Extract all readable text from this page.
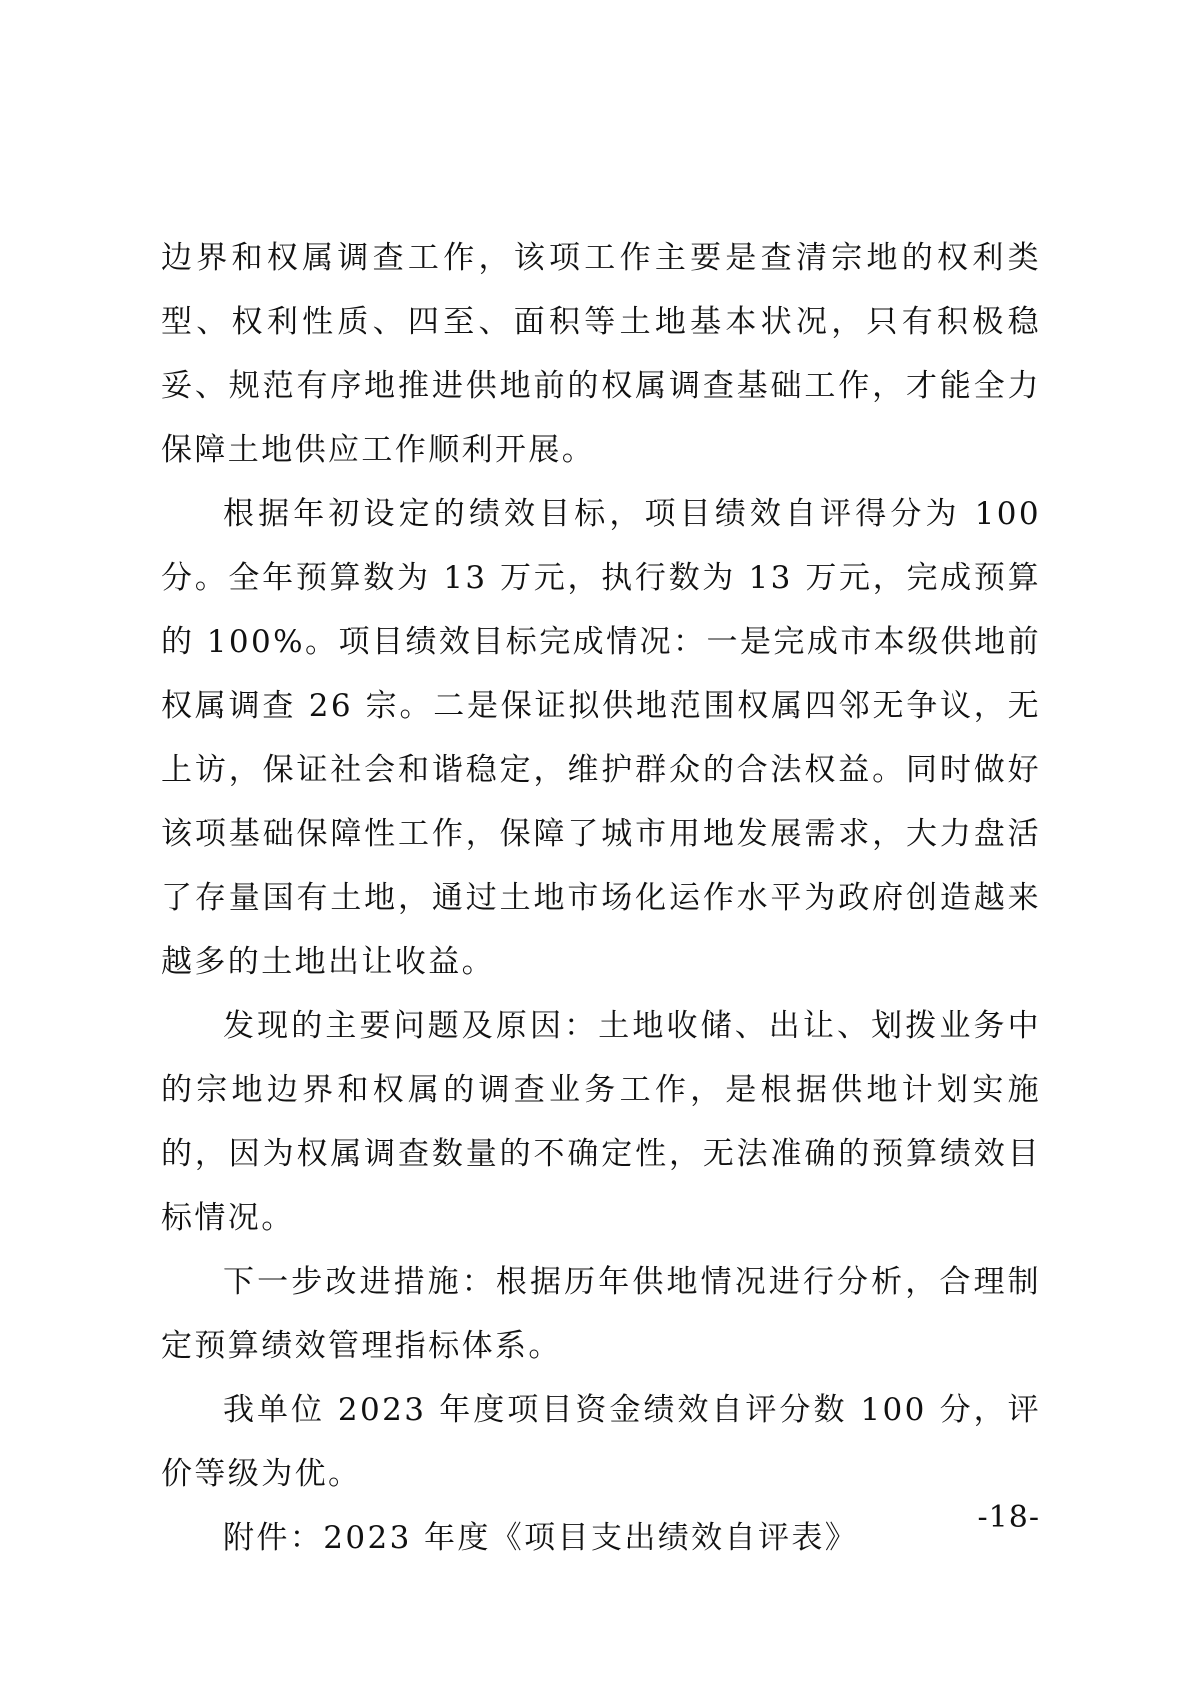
边界和权属调查工作，该项工作主要是查清宗地的权利类型、权利性质、四至、面积等土地基本状况，只有积极稳妥、规范有序地推进供地前的权属调查基础工作，才能全力保障土地供应工作顺利开展。

根据年初设定的绩效目标，项目绩效自评得分为 100 分。全年预算数为 13 万元，执行数为 13 万元，完成预算的 100%。项目绩效目标完成情况：一是完成市本级供地前权属调查 26 宗。二是保证拟供地范围权属四邻无争议，无上访，保证社会和谐稳定，维护群众的合法权益。同时做好该项基础保障性工作，保障了城市用地发展需求，大力盘活了存量国有土地，通过土地市场化运作水平为政府创造越来越多的土地出让收益。

发现的主要问题及原因：土地收储、出让、划拨业务中的宗地边界和权属的调查业务工作，是根据供地计划实施的，因为权属调查数量的不确定性，无法准确的预算绩效目标情况。

下一步改进措施：根据历年供地情况进行分析，合理制定预算绩效管理指标体系。

我单位 2023 年度项目资金绩效自评分数 100 分，评价等级为优。

附件：2023 年度《项目支出绩效自评表》

-18-
